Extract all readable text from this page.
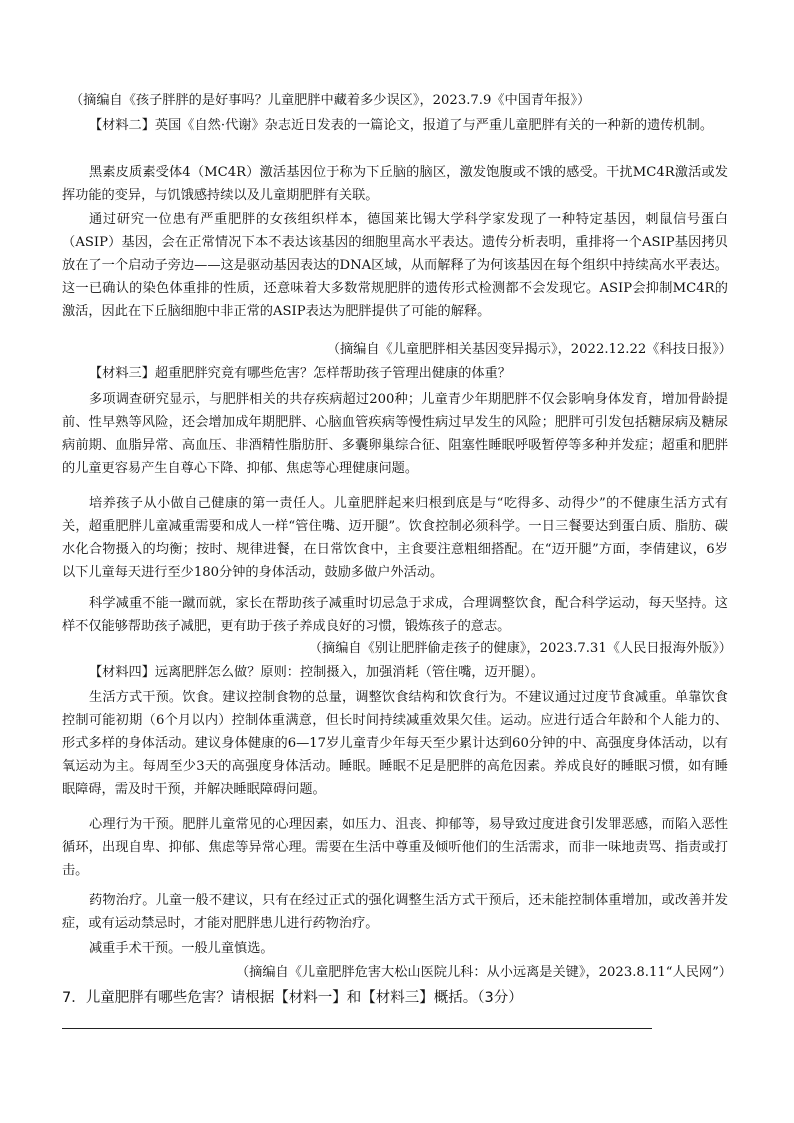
（摘编自《孩子胖胖的是好事吗？儿童肥胖中藏着多少误区》，2023.7.9《中国青年报》）

【材料二】英国《自然·代谢》杂志近日发表的一篇论文，报道了与严重儿童肥胖有关的一种新的遗传机制。

黑素皮质素受体4（MC4R）激活基因位于称为下丘脑的脑区，激发饱腹或不饿的感受。干扰MC4R激活或发挥功能的变异，与饥饿感持续以及儿童期肥胖有关联。

通过研究一位患有严重肥胖的女孩组织样本，德国莱比锡大学科学家发现了一种特定基因，刺鼠信号蛋白（ASIP）基因，会在正常情况下本不表达该基因的细胞里高水平表达。遗传分析表明，重排将一个ASIP基因拷贝放在了一个启动子旁边——这是驱动基因表达的DNA区域，从而解释了为何该基因在每个组织中持续高水平表达。这一已确认的染色体重排的性质，还意味着大多数常规肥胖的遗传形式检测都不会发现它。ASIP会抑制MC4R的激活，因此在下丘脑细胞中非正常的ASIP表达为肥胖提供了可能的解释。

（摘编自《儿童肥胖相关基因变异揭示》，2022.12.22《科技日报》）

【材料三】超重肥胖究竟有哪些危害？怎样帮助孩子管理出健康的体重？

多项调查研究显示，与肥胖相关的共存疾病超过200种；儿童青少年期肥胖不仅会影响身体发育，增加骨龄提前、性早熟等风险，还会增加成年期肥胖、心脑血管疾病等慢性病过早发生的风险；肥胖可引发包括糖尿病及糖尿病前期、血脂异常、高血压、非酒精性脂肪肝、多囊卵巢综合征、阻塞性睡眠呼吸暂停等多种并发症；超重和肥胖的儿童更容易产生自尊心下降、抑郁、焦虑等心理健康问题。

培养孩子从小做自己健康的第一责任人。儿童肥胖起来归根到底是与“吃得多、动得少”的不健康生活方式有关，超重肥胖儿童减重需要和成人一样“管住嘴、迈开腿”。饮食控制必须科学。一日三餐要达到蛋白质、脂肪、碳水化合物摄入的均衡；按时、规律进餐，在日常饮食中，主食要注意粗细搭配。在“迈开腿”方面，李倩建议，6岁以下儿童每天进行至少180分钟的身体活动，鼓励多做户外活动。

科学减重不能一蹴而就，家长在帮助孩子减重时切忌急于求成，合理调整饮食，配合科学运动，每天坚持。这样不仅能够帮助孩子减肥，更有助于孩子养成良好的习惯，锻炼孩子的意志。

（摘编自《别让肥胖偷走孩子的健康》，2023.7.31《人民日报海外版》）

【材料四】远离肥胖怎么做？原则：控制摄入，加强消耗（管住嘴，迈开腿）。

生活方式干预。饮食。建议控制食物的总量，调整饮食结构和饮食行为。不建议通过过度节食减重。单靠饮食控制可能初期（6个月以内）控制体重满意，但长时间持续减重效果欠佳。运动。应进行适合年龄和个人能力的、形式多样的身体活动。建议身体健康的6—17岁儿童青少年每天至少累计达到60分钟的中、高强度身体活动，以有氧运动为主。每周至少3天的高强度身体活动。睡眠。睡眠不足是肥胖的高危因素。养成良好的睡眠习惯，如有睡眠障碍，需及时干预，并解决睡眠障碍问题。

心理行为干预。肥胖儿童常见的心理因素，如压力、沮丧、抑郁等，易导致过度进食引发罪恶感，而陷入恶性循环，出现自卑、抑郁、焦虑等异常心理。需要在生活中尊重及倾听他们的生活需求，而非一味地责骂、指责或打击。

药物治疗。儿童一般不建议，只有在经过正式的强化调整生活方式干预后，还未能控制体重增加，或改善并发症，或有运动禁忌时，才能对肥胖患儿进行药物治疗。

减重手术干预。一般儿童慎选。

（摘编自《儿童肥胖危害大松山医院儿科：从小远离是关键》，2023.8.11“人民网”）

7．儿童肥胖有哪些危害？请根据【材料一】和【材料三】概括。（3分）
